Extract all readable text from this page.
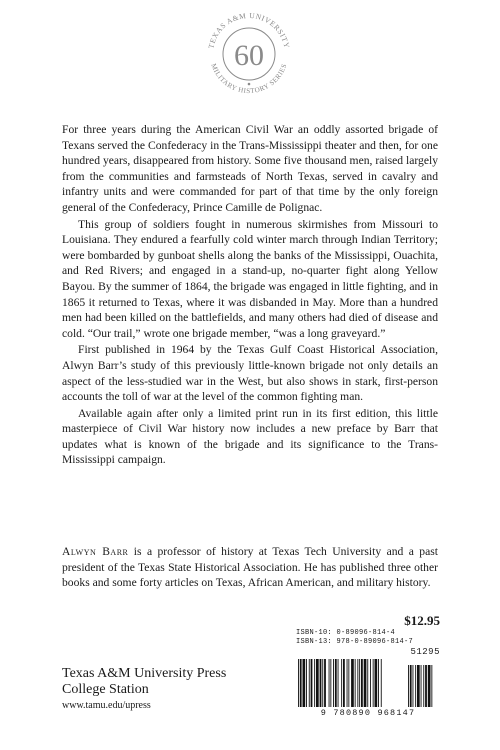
TEXAS A&M UNIVERSITY
MILITARY HISTORY SERIES
60

For three years during the American Civil War an oddly assorted brigade of Texans served the Confederacy in the Trans-Mississippi theater and then, for one hundred years, disappeared from history. Some five thousand men, raised largely from the communities and farmsteads of North Texas, served in cavalry and infantry units and were commanded for part of that time by the only foreign general of the Confederacy, Prince Camille de Polignac.

This group of soldiers fought in numerous skirmishes from Missouri to Louisiana. They endured a fearfully cold winter march through Indian Territory; were bombarded by gunboat shells along the banks of the Mississippi, Ouachita, and Red Rivers; and engaged in a stand-up, no-quarter fight along Yellow Bayou. By the summer of 1864, the brigade was engaged in little fighting, and in 1865 it returned to Texas, where it was disbanded in May. More than a hundred men had been killed on the battlefields, and many others had died of disease and cold. “Our trail,” wrote one brigade member, “was a long graveyard.”

First published in 1964 by the Texas Gulf Coast Historical Association, Alwyn Barr’s study of this previously little-known brigade not only details an aspect of the less-studied war in the West, but also shows in stark, first-person accounts the toll of war at the level of the common fighting man.

Available again after only a limited print run in its first edition, this little masterpiece of Civil War history now includes a new preface by Barr that updates what is known of the brigade and its significance to the Trans-Mississippi campaign.

Alwyn Barr is a professor of history at Texas Tech University and a past president of the Texas State Historical Association. He has published three other books and some forty articles on Texas, African American, and military history.
$12.95
ISBN-10: 0-89096-814-4
ISBN-13: 978-0-89096-814-7
51295
9 780890 968147
Texas A&M University Press
College Station
www.tamu.edu/upress
